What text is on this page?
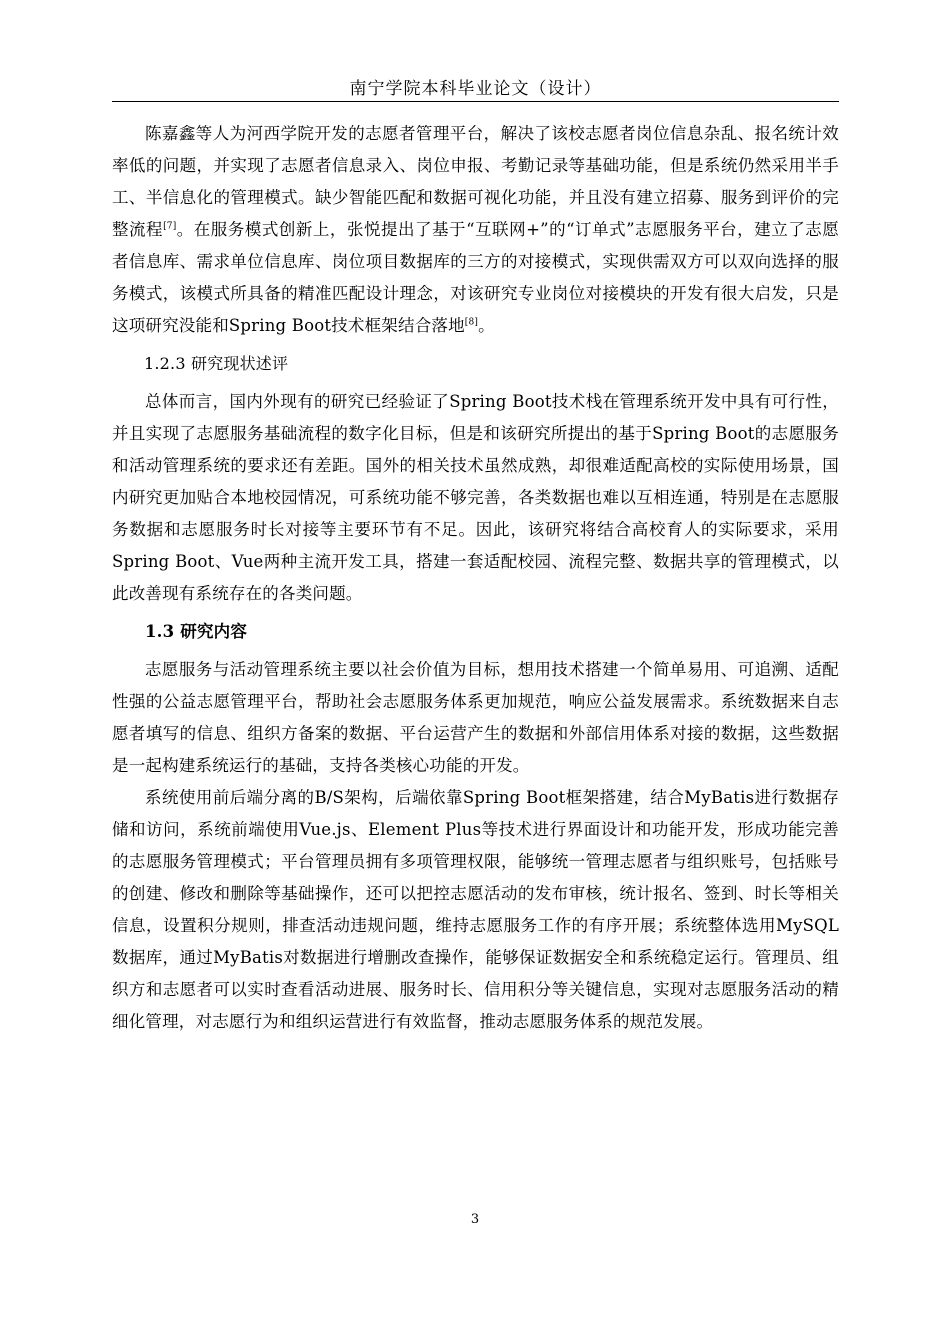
南宁学院本科毕业论文（设计）

陈嘉鑫等人为河西学院开发的志愿者管理平台，解决了该校志愿者岗位信息杂乱、报名统计效率低的问题，并实现了志愿者信息录入、岗位申报、考勤记录等基础功能，但是系统仍然采用半手工、半信息化的管理模式。缺少智能匹配和数据可视化功能，并且没有建立招募、服务到评价的完整流程[7]。在服务模式创新上，张悦提出了基于“互联网+”的“订单式”志愿服务平台，建立了志愿者信息库、需求单位信息库、岗位项目数据库的三方的对接模式，实现供需双方可以双向选择的服务模式，该模式所具备的精准匹配设计理念，对该研究专业岗位对接模块的开发有很大启发，只是这项研究没能和Spring Boot技术框架结合落地[8]。

1.2.3 研究现状述评

总体而言，国内外现有的研究已经验证了Spring Boot技术栈在管理系统开发中具有可行性，并且实现了志愿服务基础流程的数字化目标，但是和该研究所提出的基于Spring Boot的志愿服务和活动管理系统的要求还有差距。国外的相关技术虽然成熟，却很难适配高校的实际使用场景，国内研究更加贴合本地校园情况，可系统功能不够完善，各类数据也难以互相连通，特别是在志愿服务数据和志愿服务时长对接等主要环节有不足。因此，该研究将结合高校育人的实际要求，采用Spring Boot、Vue两种主流开发工具，搭建一套适配校园、流程完整、数据共享的管理模式，以此改善现有系统存在的各类问题。

1.3 研究内容

志愿服务与活动管理系统主要以社会价值为目标，想用技术搭建一个简单易用、可追溯、适配性强的公益志愿管理平台，帮助社会志愿服务体系更加规范，响应公益发展需求。系统数据来自志愿者填写的信息、组织方备案的数据、平台运营产生的数据和外部信用体系对接的数据，这些数据是一起构建系统运行的基础，支持各类核心功能的开发。

系统使用前后端分离的B/S架构，后端依靠Spring Boot框架搭建，结合MyBatis进行数据存储和访问，系统前端使用Vue.js、Element Plus等技术进行界面设计和功能开发，形成功能完善的志愿服务管理模式；平台管理员拥有多项管理权限，能够统一管理志愿者与组织账号，包括账号的创建、修改和删除等基础操作，还可以把控志愿活动的发布审核，统计报名、签到、时长等相关信息，设置积分规则，排查活动违规问题，维持志愿服务工作的有序开展；系统整体选用MySQL数据库，通过MyBatis对数据进行增删改查操作，能够保证数据安全和系统稳定运行。管理员、组织方和志愿者可以实时查看活动进展、服务时长、信用积分等关键信息，实现对志愿服务活动的精细化管理，对志愿行为和组织运营进行有效监督，推动志愿服务体系的规范发展。

3
